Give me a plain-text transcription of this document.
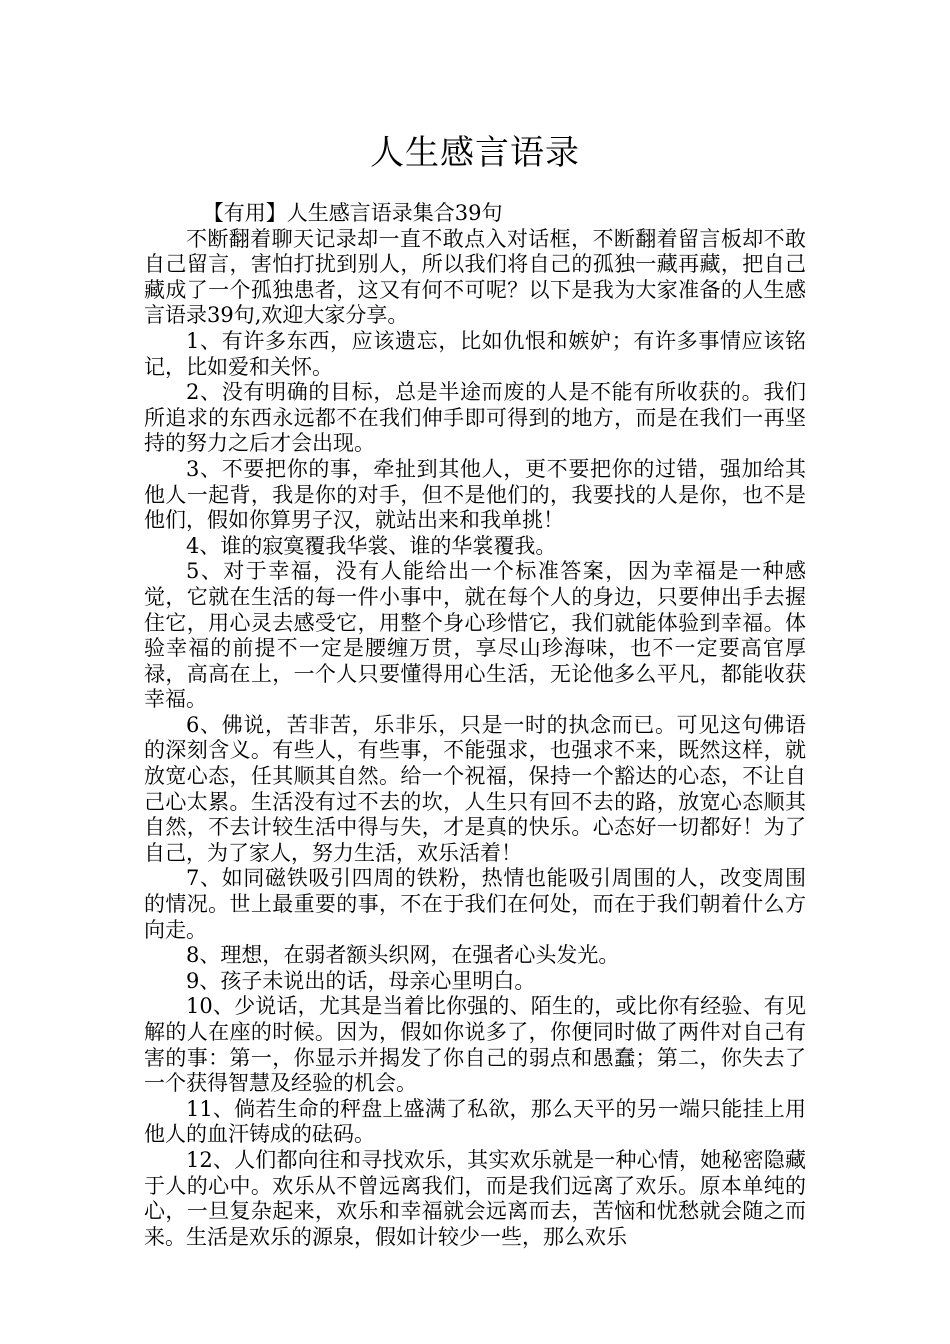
人生感言语录

【有用】人生感言语录集合39句

不断翻着聊天记录却一直不敢点入对话框，不断翻着留言板却不敢自己留言，害怕打扰到别人，所以我们将自己的孤独一藏再藏，把自己藏成了一个孤独患者，这又有何不可呢？以下是我为大家准备的人生感言语录39句,欢迎大家分享。

1、有许多东西，应该遗忘，比如仇恨和嫉妒；有许多事情应该铭记，比如爱和关怀。

2、没有明确的目标，总是半途而废的人是不能有所收获的。我们所追求的东西永远都不在我们伸手即可得到的地方，而是在我们一再坚持的努力之后才会出现。

3、不要把你的事，牵扯到其他人，更不要把你的过错，强加给其他人一起背，我是你的对手，但不是他们的，我要找的人是你，也不是他们，假如你算男子汉，就站出来和我单挑！

4、谁的寂寞覆我华裳、谁的华裳覆我。

5、对于幸福，没有人能给出一个标准答案，因为幸福是一种感觉，它就在生活的每一件小事中，就在每个人的身边，只要伸出手去握住它，用心灵去感受它，用整个身心珍惜它，我们就能体验到幸福。体验幸福的前提不一定是腰缠万贯，享尽山珍海味，也不一定要高官厚禄，高高在上，一个人只要懂得用心生活，无论他多么平凡，都能收获幸福。

6、佛说，苦非苦，乐非乐，只是一时的执念而已。可见这句佛语的深刻含义。有些人，有些事，不能强求，也强求不来，既然这样，就放宽心态，任其顺其自然。给一个祝福，保持一个豁达的心态，不让自己心太累。生活没有过不去的坎，人生只有回不去的路，放宽心态顺其自然，不去计较生活中得与失，才是真的快乐。心态好一切都好！为了自己，为了家人，努力生活，欢乐活着！

7、如同磁铁吸引四周的铁粉，热情也能吸引周围的人，改变周围的情况。世上最重要的事，不在于我们在何处，而在于我们朝着什么方向走。

8、理想，在弱者额头织网，在强者心头发光。

9、孩子未说出的话，母亲心里明白。

10、少说话，尤其是当着比你强的、陌生的，或比你有经验、有见解的人在座的时候。因为，假如你说多了，你便同时做了两件对自己有害的事：第一，你显示并揭发了你自己的弱点和愚蠢；第二，你失去了一个获得智慧及经验的机会。

11、倘若生命的秤盘上盛满了私欲，那么天平的另一端只能挂上用他人的血汗铸成的砝码。

12、人们都向往和寻找欢乐，其实欢乐就是一种心情，她秘密隐藏于人的心中。欢乐从不曾远离我们，而是我们远离了欢乐。原本单纯的心，一旦复杂起来，欢乐和幸福就会远离而去，苦恼和忧愁就会随之而来。生活是欢乐的源泉，假如计较少一些，那么欢乐
